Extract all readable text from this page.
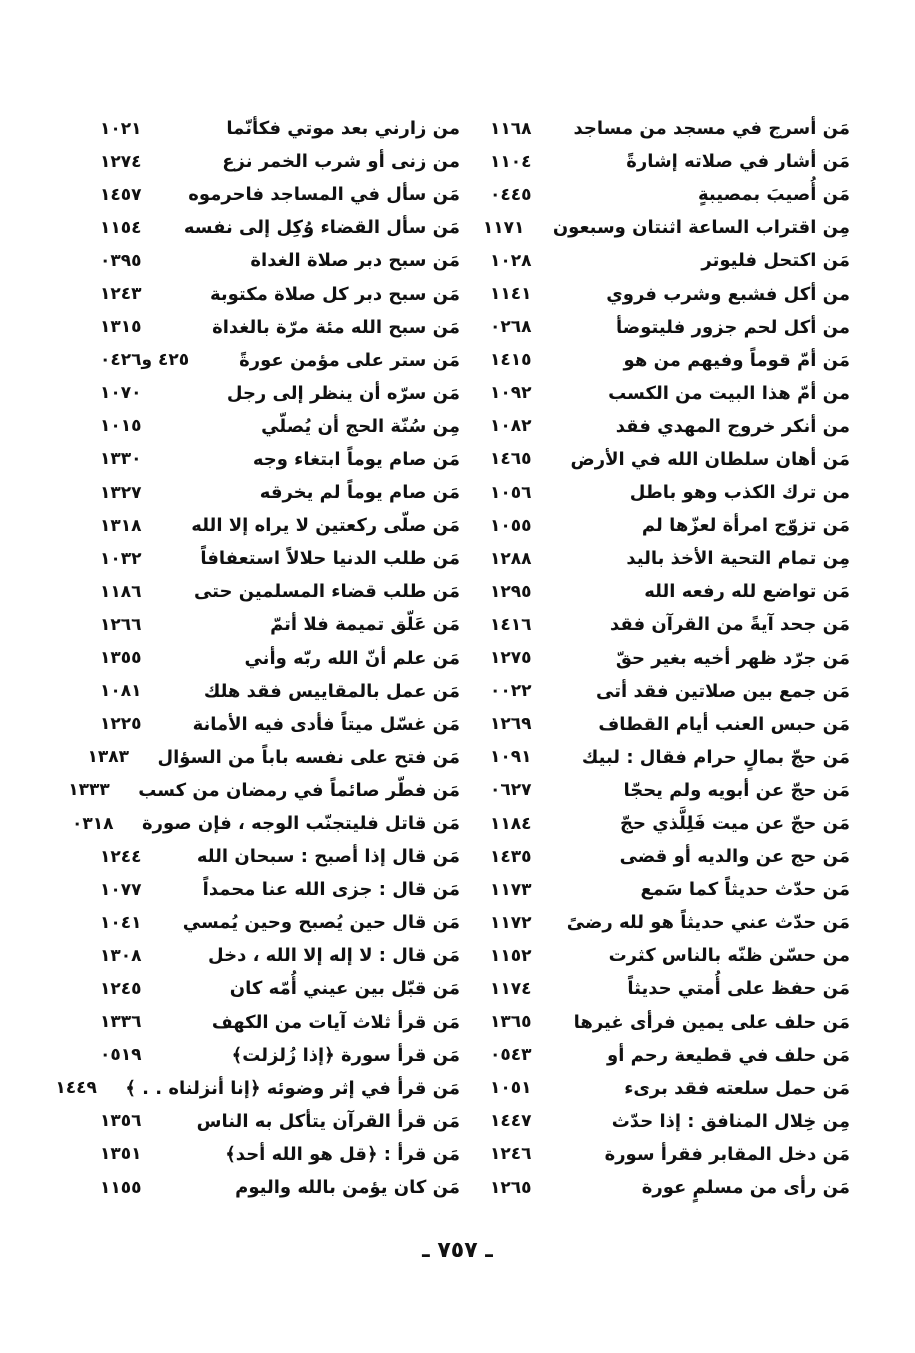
مَن أسرج في مسجد من مساجد
١١٦٨
مَن أشار في صلاته إشارةً
١١٠٤
مَن أُصيبَ بمصيبةٍ
٠٤٤٥
مِن اقتراب الساعة اثنتان وسبعون
١١٧١
مَن اكتحل فليوتر
١٠٢٨
من أكل فشبع وشرب فروي
١١٤١
من أكل لحم جزور فليتوضأ
٠٢٦٨
مَن أمّ قوماً وفيهم من هو
١٤١٥
من أمّ هذا البيت من الكسب
١٠٩٢
من أنكر خروج المهدي فقد
١٠٨٢
مَن أهان سلطان الله في الأرض
١٤٦٥
من ترك الكذب وهو باطل
١٠٥٦
مَن تزوّج امرأة لعزّها لم
١٠٥٥
مِن تمام التحية الأخذ باليد
١٢٨٨
مَن تواضع لله رفعه الله
١٢٩٥
مَن جحد آيةً من القرآن فقد
١٤١٦
مَن جرّد ظهر أخيه بغير حقّ
١٢٧٥
مَن جمع بين صلاتين فقد أتى
٠٠٢٢
مَن حبس العنب أيام القطاف
١٢٦٩
مَن حجّ بمالٍ حرام فقال : لبيك
١٠٩١
مَن حجّ عن أبويه ولم يحجّا
٠٦٢٧
مَن حجّ عن ميت فَلِلَّذي حجّ
١١٨٤
مَن حج عن والديه أو قضى
١٤٣٥
مَن حدّث حديثاً كما سَمع
١١٧٣
مَن حدّث عني حديثاً هو لله رضىً
١١٧٢
من حسّن ظنّه بالناس كثرت
١١٥٢
مَن حفظ على أُمتي حديثاً
١١٧٤
مَن حلف على يمين فرأى غيرها
١٣٦٥
مَن حلف في قطيعة رحم أو
٠٥٤٣
مَن حمل سلعته فقد برىء
١٠٥١
مِن خِلال المنافق : إذا حدّث
١٤٤٧
مَن دخل المقابر فقرأ سورة
١٢٤٦
مَن رأى من مسلمٍ عورة
١٢٦٥
من زارني بعد موتي فكأنّما
١٠٢١
من زنى أو شرب الخمر نزع
١٢٧٤
مَن سأل في المساجد فاحرموه
١٤٥٧
مَن سأل القضاء وُكِل إلى نفسه
١١٥٤
مَن سبح دبر صلاة الغداة
٠٣٩٥
مَن سبح دبر كل صلاة مكتوبة
١٢٤٣
مَن سبح الله مئة مرّة بالغداة
١٣١٥
مَن ستر على مؤمن عورةً
٤٢٥ و٠٤٢٦
مَن سرّه أن ينظر إلى رجل
١٠٧٠
مِن سُنّة الحج أن يُصلّي
١٠١٥
مَن صام يوماً ابتغاء وجه
١٣٣٠
مَن صام يوماً لم يخرقه
١٣٢٧
مَن صلّى ركعتين لا يراه إلا الله
١٣١٨
مَن طلب الدنيا حلالاً استعفافاً
١٠٣٢
مَن طلب قضاء المسلمين حتى
١١٨٦
مَن عَلّق تميمة فلا أتمّ
١٢٦٦
مَن علم أنّ الله ربّه وأني
١٣٥٥
مَن عمل بالمقاييس فقد هلك
١٠٨١
مَن غسّل ميتاً فأدى فيه الأمانة
١٢٢٥
مَن فتح على نفسه باباً من السؤال
١٣٨٣
مَن فطّر صائماً في رمضان من كسب
١٣٣٣
مَن قاتل فليتجنّب الوجه ، فإن صورة
٠٣١٨
مَن قال إذا أصبح : سبحان الله
١٢٤٤
مَن قال : جزى الله عنا محمداً
١٠٧٧
مَن قال حين يُصبح وحين يُمسي
١٠٤١
مَن قال : لا إله إلا الله ، دخل
١٣٠٨
مَن قبّل بين عيني أُمّه كان
١٢٤٥
مَن قرأ ثلاث آيات من الكهف
١٣٣٦
مَن قرأ سورة ﴿إذا زُلزلت﴾
٠٥١٩
مَن قرأ في إثر وضوئه ﴿إنا أنزلناه . . ﴾
١٤٤٩
مَن قرأ القرآن يتأكل به الناس
١٣٥٦
مَن قرأ : ﴿قل هو الله أحد﴾
١٣٥١
مَن كان يؤمن بالله واليوم
١١٥٥
ـ ٧٥٧ ـ
